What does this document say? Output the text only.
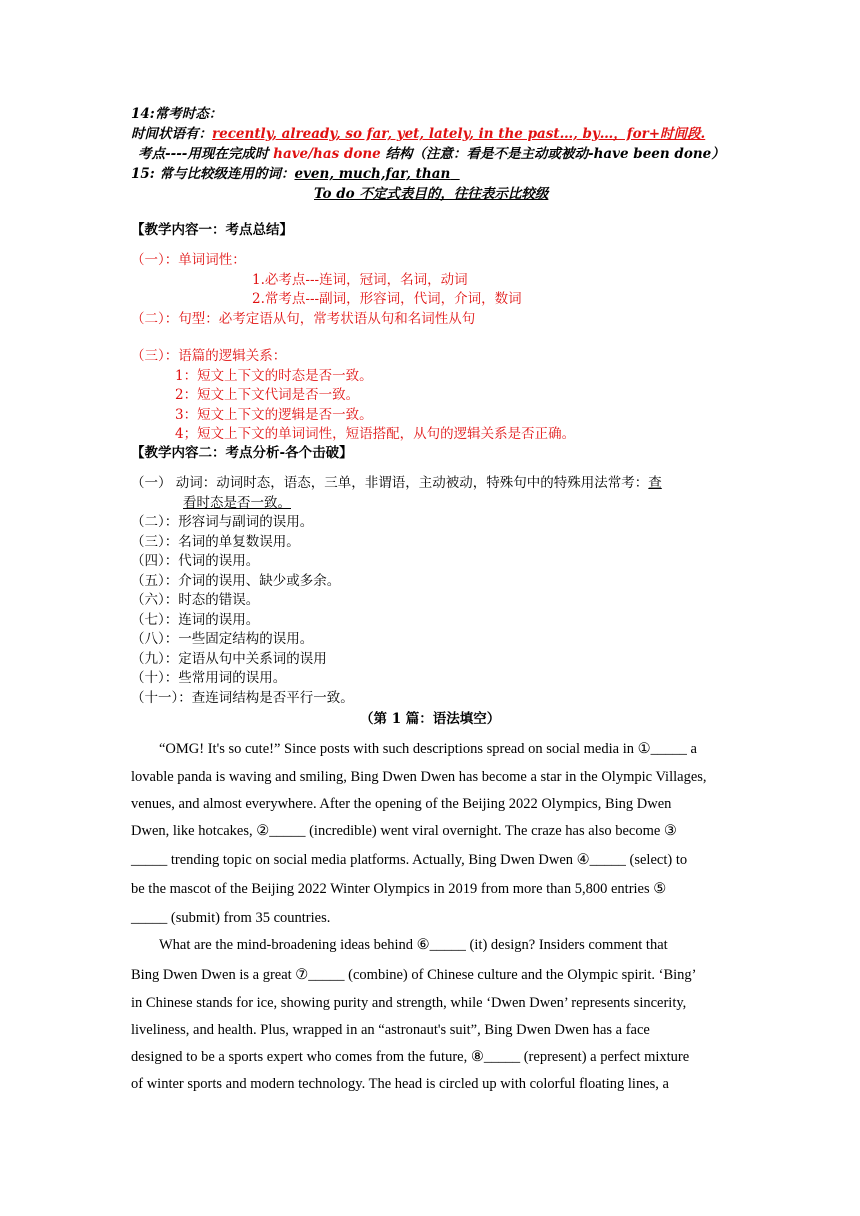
14:常考时态：
时间状语有：recently, already, so far, yet, lately, in the past…, by…，for+时间段.
考点----用现在完成时 have/has done 结构（注意：看是不是主动或被动-have been done）
15: 常与比较级连用的词：even, much,far, than
To do 不定式表目的，往往表示比较级
【教学内容一：考点总结】
（一）：单词词性：
1.必考点---连词，冠词，名词，动词
2.常考点---副词，形容词，代词，介词，数词
（二）：句型：必考定语从句，常考状语从句和名词性从句
（三）：语篇的逻辑关系：
1：短文上下文的时态是否一致。
2：短文上下文代词是否一致。
3：短文上下文的逻辑是否一致。
4；短文上下文的单词词性，短语搭配，从句的逻辑关系是否正确。
【教学内容二：考点分析-各个击破】
（一） 动词：动词时态，语态，三单，非谓语，主动被动，特殊句中的特殊用法常考：查
看时态是否一致。
（二）：形容词与副词的误用。
（三）：名词的单复数误用。
（四）：代词的误用。
（五）：介词的误用、缺少或多余。
（六）：时态的错误。
（七）：连词的误用。
（八）：一些固定结构的误用。
（九）：定语从句中关系词的误用
（十）：些常用词的误用。
（十一）：查连词结构是否平行一致。
（第 1 篇：语法填空）
“OMG! It's so cute!” Since posts with such descriptions spread on social media in ①_____ a
lovable panda is waving and smiling, Bing Dwen Dwen has become a star in the Olympic Villages,
venues, and almost everywhere. After the opening of the Beijing 2022 Olympics, Bing Dwen
Dwen, like hotcakes, ②_____ (incredible) went viral overnight. The craze has also become ③
_____ trending topic on social media platforms. Actually, Bing Dwen Dwen ④_____ (select) to
be the mascot of the Beijing 2022 Winter Olympics in 2019 from more than 5,800 entries ⑤
_____ (submit) from 35 countries.
What are the mind-broadening ideas behind ⑥_____ (it) design? Insiders comment that
Bing Dwen Dwen is a great ⑦_____ (combine) of Chinese culture and the Olympic spirit. ‘Bing’
in Chinese stands for ice, showing purity and strength, while ‘Dwen Dwen’ represents sincerity,
liveliness, and health. Plus, wrapped in an “astronaut's suit”, Bing Dwen Dwen has a face
designed to be a sports expert who comes from the future, ⑧_____ (represent) a perfect mixture
of winter sports and modern technology. The head is circled up with colorful floating lines, a
